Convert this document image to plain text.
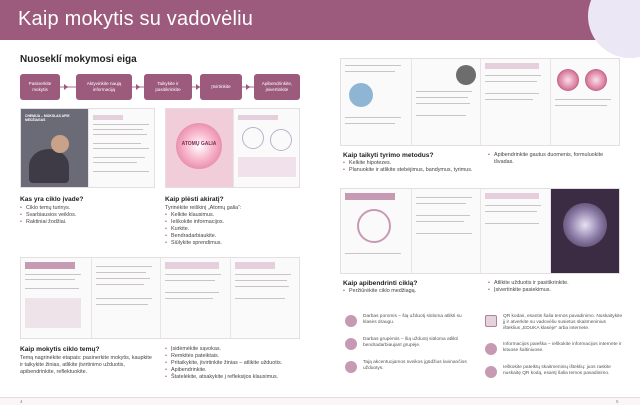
Kaip mokytis su vadovėliu
Nuoseklí mokymosi eiga
Pasinerkite mokytis
Aktyvinkite naują informaciją
Taikykite ir pasitikrinkite
Įtvirtinkite
Apibendrinkite, įsivertinkite
CHEMIJA – MOKSLAS APIE MEDŽIAGAS
ATOMŲ GALIA
Kas yra ciklo įvade?
• Ciklo temų turinys.
• Svarbiausios veiklos.
• Raktiniai žodžiai.
Kaip plėsti akiratį?
Tyrinėkite reiškinį „Atomų galia“:
• Kelkite klausimus.
• Ieškokite informacijos.
• Kurkite.
• Bendradarbiaukite.
• Siūlykite sprendimus.
Kaip mokytis ciklo temų?
Temą nagrinėkite etapais: pasinerkite mokytis, kaupkite ir taikykite žinias, atlikite įtvirtinimo užduotis, apibendrinkite, reflektuokite.
• Įsidėmėkite sąvokas.
• Remkitės pateiktais.
• Pritaikykite, įtvirtinkite žinias – atlikite užduotis.
• Apibendrinkite.
• Štatelėkite, atsakykite į refleksijos klausimus.
Kaip taikyti tyrimo metodus?
• Kelkite hipotezes.
• Planuokite ir atlikite stebėjimus, bandymus, tyrimus.
• Apibendrinkite gautus duomenis, formuluokite išvadas.
Kaip apibendrinti ciklą?
• Peržiūrėkite ciklo medžiagą.
• Atlikite užduotis ir pasitikrinkite.
• Įsivertinkite pasiekimus.
Darbas poromis – šią užduotį siūloma atlikti su klasės draugu.
Darbas grupėmis – šią užduotį siūloma atlikti bendradarbiaujant grupėje.
Tają akcentuojamos sveikos įgūdžius lavinančios užduotys.
QR kodas, esantis šalia temos pavadinimo. Nuskaitykite jį ir atverkite su vadovėliu susietus skaitmeninius išteklius „EDUKA klasėje“ arba internete.
Informacijos paieška – ieškokite informacijos internete ir kituose šaltiniuose.
Ieškokite pateiktų skaitmeninių išteklių: juos raskite nuskaitę QR kodą, esantį šalia temos pavadinimo.
4	5
